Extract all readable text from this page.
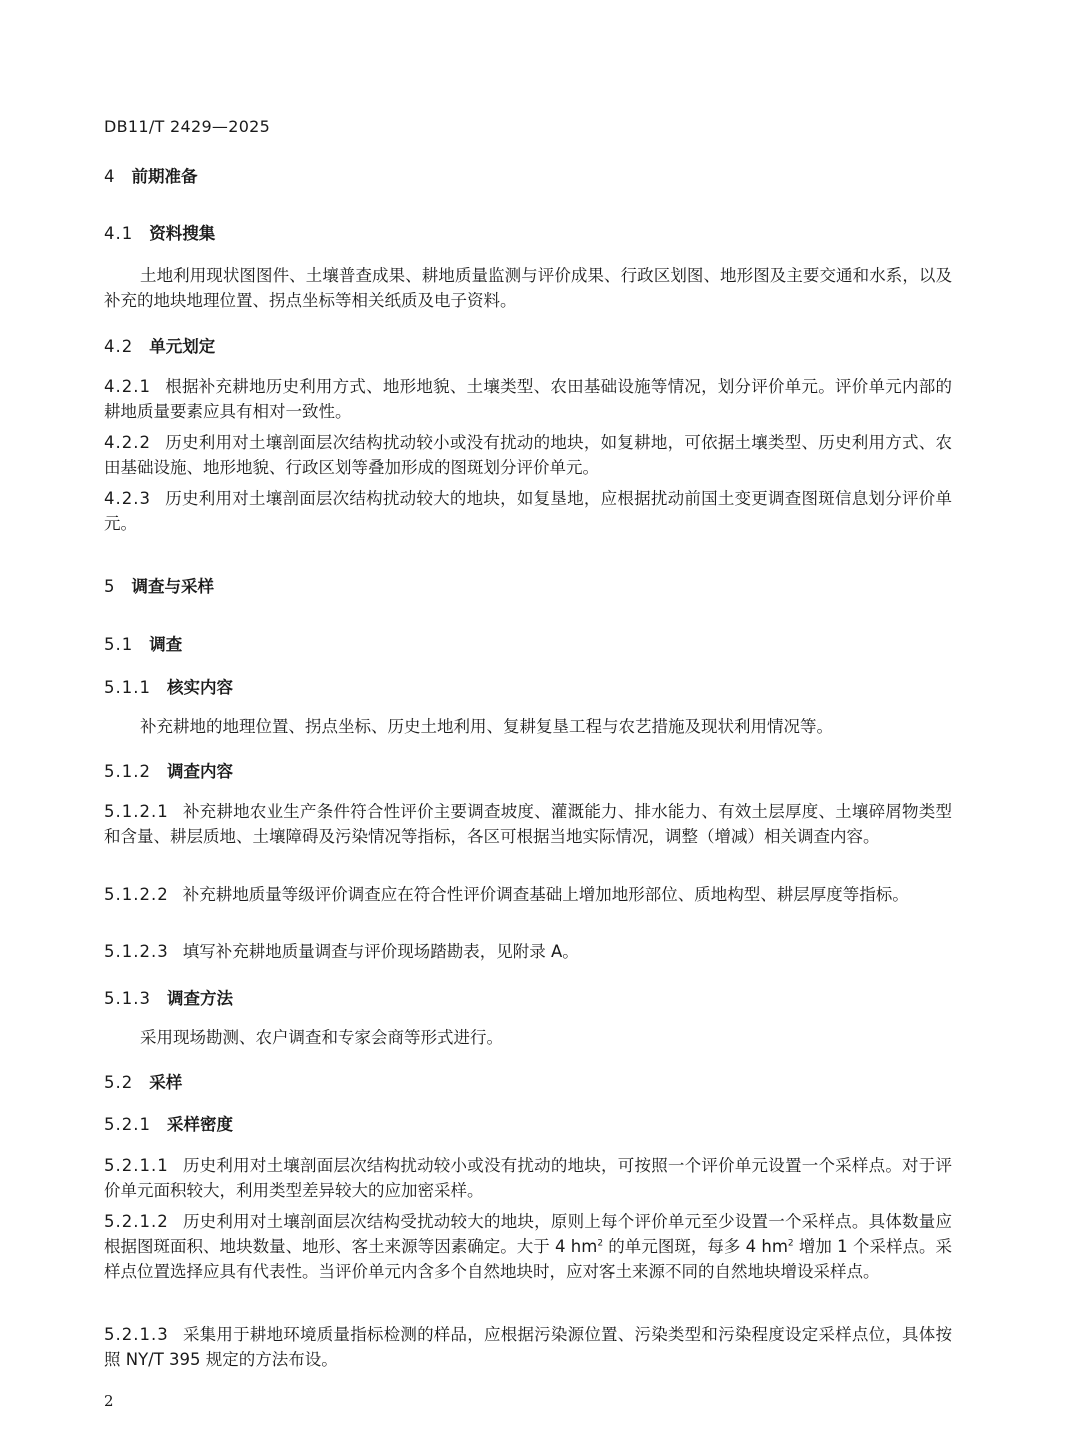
DB11/T 2429—2025
4 前期准备
4.1 资料搜集
土地利用现状图图件、土壤普查成果、耕地质量监测与评价成果、行政区划图、地形图及主要交通和水系，以及补充的地块地理位置、拐点坐标等相关纸质及电子资料。
4.2 单元划定
4.2.1 根据补充耕地历史利用方式、地形地貌、土壤类型、农田基础设施等情况，划分评价单元。评价单元内部的耕地质量要素应具有相对一致性。
4.2.2 历史利用对土壤剖面层次结构扰动较小或没有扰动的地块，如复耕地，可依据土壤类型、历史利用方式、农田基础设施、地形地貌、行政区划等叠加形成的图斑划分评价单元。
4.2.3 历史利用对土壤剖面层次结构扰动较大的地块，如复垦地，应根据扰动前国土变更调查图斑信息划分评价单元。
5 调查与采样
5.1 调查
5.1.1 核实内容
补充耕地的地理位置、拐点坐标、历史土地利用、复耕复垦工程与农艺措施及现状利用情况等。
5.1.2 调查内容
5.1.2.1 补充耕地农业生产条件符合性评价主要调查坡度、灌溉能力、排水能力、有效土层厚度、土壤碎屑物类型和含量、耕层质地、土壤障碍及污染情况等指标，各区可根据当地实际情况，调整（增减）相关调查内容。
5.1.2.2 补充耕地质量等级评价调查应在符合性评价调查基础上增加地形部位、质地构型、耕层厚度等指标。
5.1.2.3 填写补充耕地质量调查与评价现场踏勘表，见附录 A。
5.1.3 调查方法
采用现场勘测、农户调查和专家会商等形式进行。
5.2 采样
5.2.1 采样密度
5.2.1.1 历史利用对土壤剖面层次结构扰动较小或没有扰动的地块，可按照一个评价单元设置一个采样点。对于评价单元面积较大，利用类型差异较大的应加密采样。
5.2.1.2 历史利用对土壤剖面层次结构受扰动较大的地块，原则上每个评价单元至少设置一个采样点。具体数量应根据图斑面积、地块数量、地形、客土来源等因素确定。大于 4 $hm^2$ 的单元图斑，每多 4 $hm^2$ 增加 1 个采样点。采样点位置选择应具有代表性。当评价单元内含多个自然地块时，应对客土来源不同的自然地块增设采样点。
5.2.1.3 采集用于耕地环境质量指标检测的样品，应根据污染源位置、污染类型和污染程度设定采样点位，具体按照 NY/T 395 规定的方法布设。
2
